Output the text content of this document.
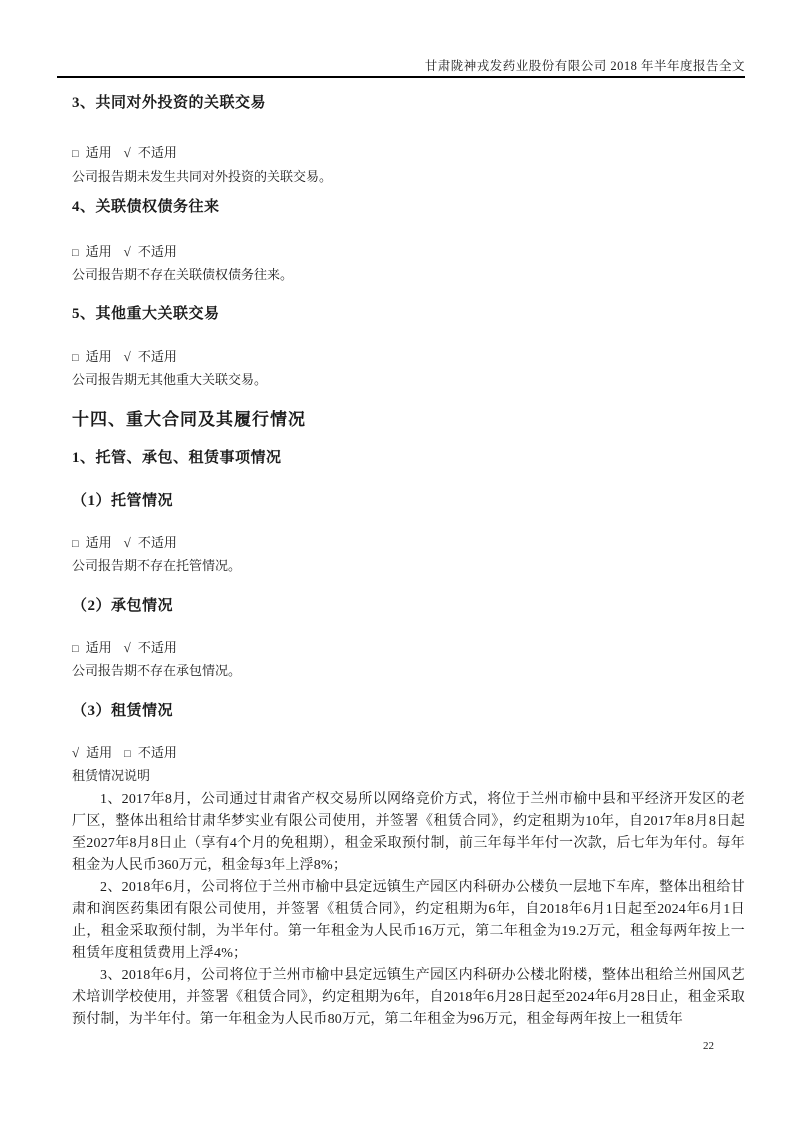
甘肃陇神戎发药业股份有限公司 2018 年半年度报告全文
3、共同对外投资的关联交易
□ 适用 √ 不适用
公司报告期未发生共同对外投资的关联交易。
4、关联债权债务往来
□ 适用 √ 不适用
公司报告期不存在关联债权债务往来。
5、其他重大关联交易
□ 适用 √ 不适用
公司报告期无其他重大关联交易。
十四、重大合同及其履行情况
1、托管、承包、租赁事项情况
（1）托管情况
□ 适用 √ 不适用
公司报告期不存在托管情况。
（2）承包情况
□ 适用 √ 不适用
公司报告期不存在承包情况。
（3）租赁情况
√ 适用 □ 不适用
租赁情况说明

1、2017年8月，公司通过甘肃省产权交易所以网络竞价方式，将位于兰州市榆中县和平经济开发区的老厂区，整体出租给甘肃华梦实业有限公司使用，并签署《租赁合同》，约定租期为10年，自2017年8月8日起至2027年8月8日止（享有4个月的免租期），租金采取预付制，前三年每半年付一次款，后七年为年付。每年租金为人民币360万元，租金每3年上浮8%；

2、2018年6月，公司将位于兰州市榆中县定远镇生产园区内科研办公楼负一层地下车库，整体出租给甘肃和润医药集团有限公司使用，并签署《租赁合同》，约定租期为6年，自2018年6月1日起至2024年6月1日止，租金采取预付制，为半年付。第一年租金为人民币16万元，第二年租金为19.2万元，租金每两年按上一租赁年度租赁费用上浮4%；

3、2018年6月，公司将位于兰州市榆中县定远镇生产园区内科研办公楼北附楼，整体出租给兰州国风艺术培训学校使用，并签署《租赁合同》，约定租期为6年，自2018年6月28日起至2024年6月28日止，租金采取预付制，为半年付。第一年租金为人民币80万元，第二年租金为96万元，租金每两年按上一租赁年

22
